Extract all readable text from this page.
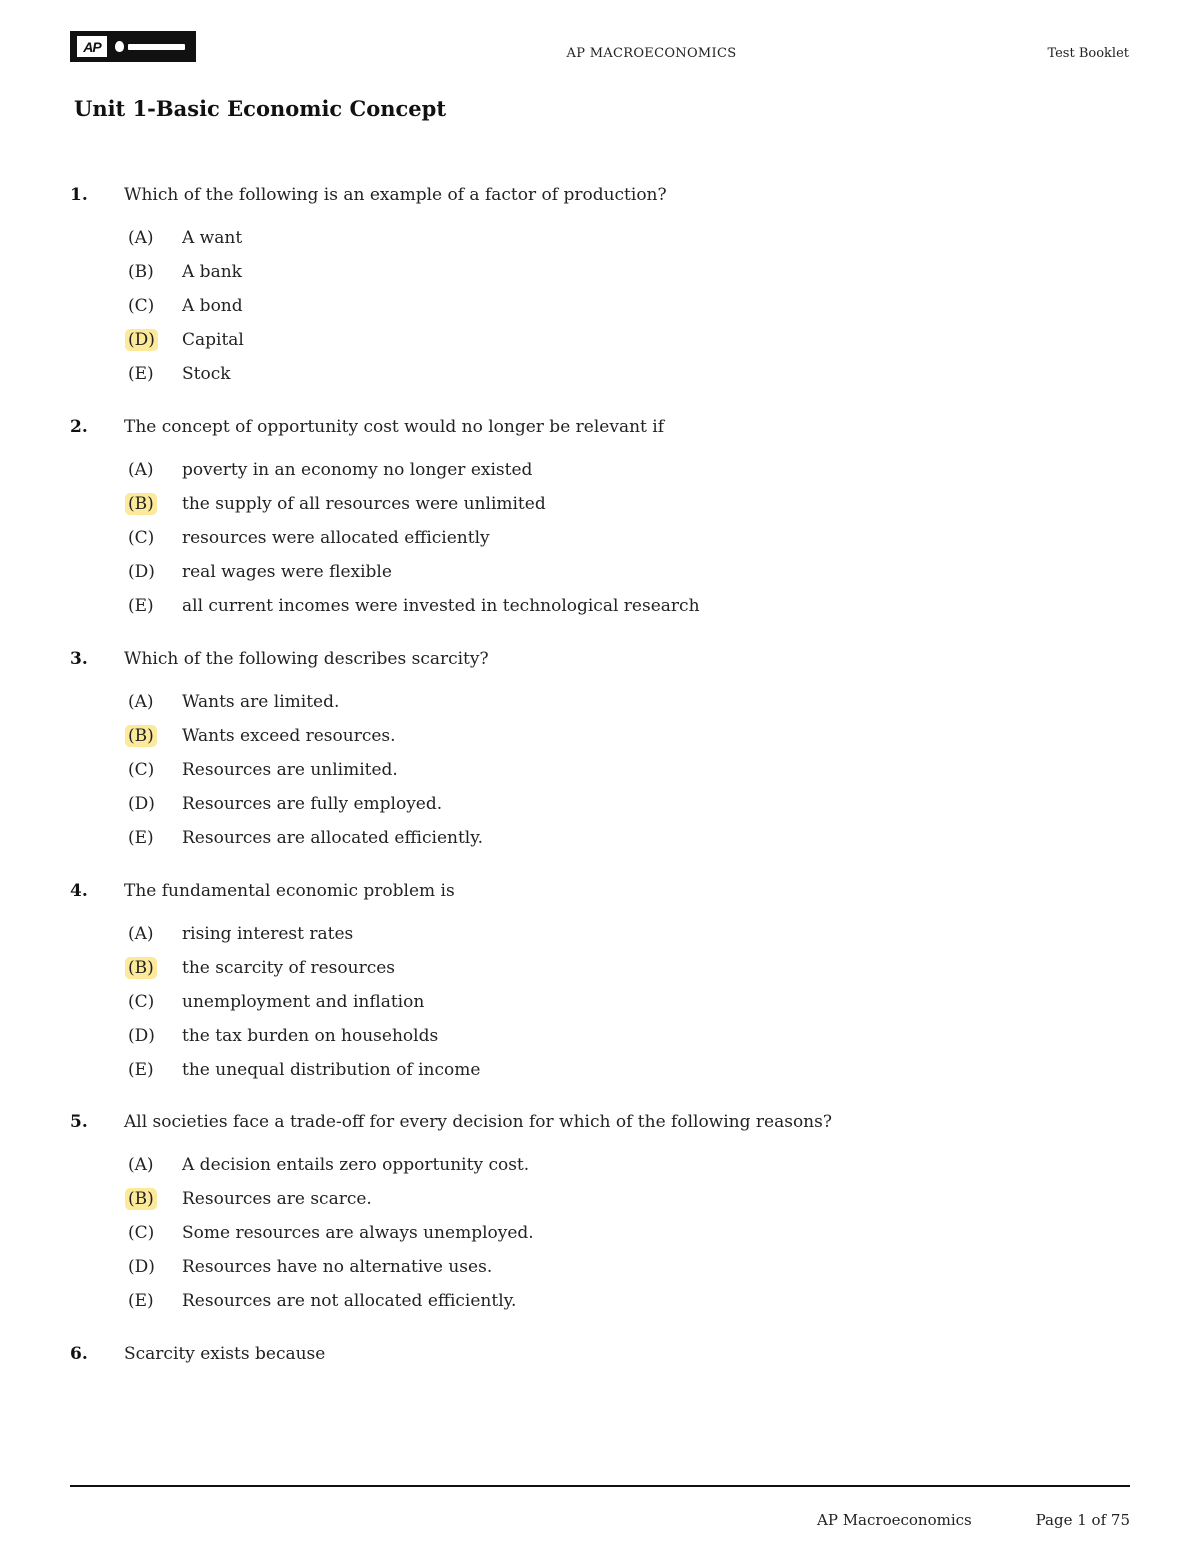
AP	AP MACROECONOMICS	Test Booklet
Unit 1-Basic Economic Concept
1.	Which of the following is an example of a factor of production?
(A)	A want
(B)	A bank
(C)	A bond
(D)	Capital
(E)	Stock
2.	The concept of opportunity cost would no longer be relevant if
(A)	poverty in an economy no longer existed
(B)	the supply of all resources were unlimited
(C)	resources were allocated efficiently
(D)	real wages were flexible
(E)	all current incomes were invested in technological research
3.	Which of the following describes scarcity?
(A)	Wants are limited.
(B)	Wants exceed resources.
(C)	Resources are unlimited.
(D)	Resources are fully employed.
(E)	Resources are allocated efficiently.
4.	The fundamental economic problem is
(A)	rising interest rates
(B)	the scarcity of resources
(C)	unemployment and inflation
(D)	the tax burden on households
(E)	the unequal distribution of income
5.	All societies face a trade-off for every decision for which of the following reasons?
(A)	A decision entails zero opportunity cost.
(B)	Resources are scarce.
(C)	Some resources are always unemployed.
(D)	Resources have no alternative uses.
(E)	Resources are not allocated efficiently.
6.	Scarcity exists because
AP Macroeconomics	Page 1 of 75
